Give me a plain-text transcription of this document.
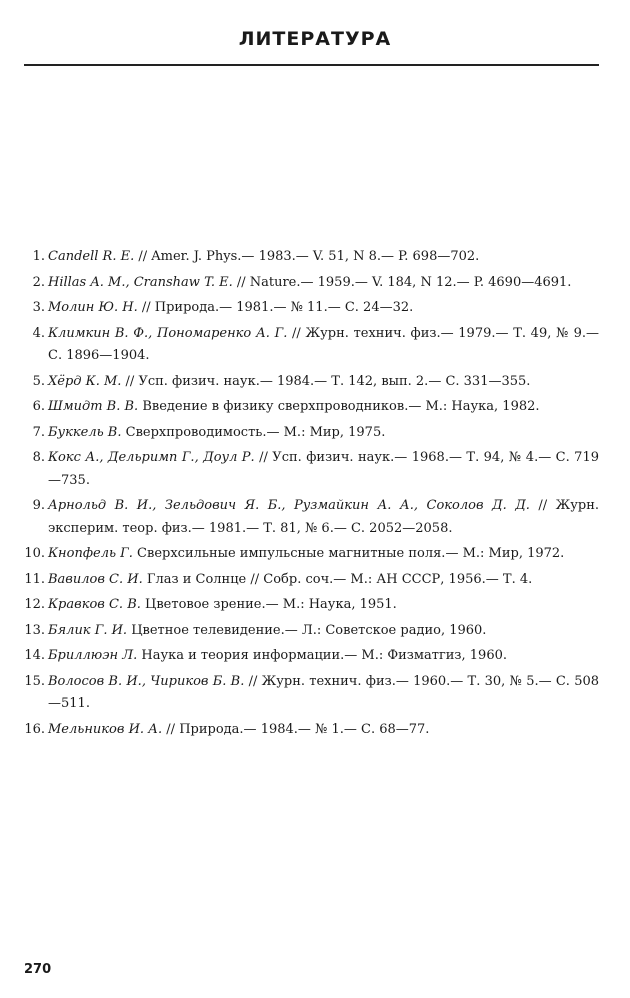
ЛИТЕРАТУРА
1. Candell R. E. // Amer. J. Phys.— 1983.— V. 51, N 8.— P. 698—702.
2. Hillas A. M., Cranshaw T. E. // Nature.— 1959.— V. 184, N 12.— P. 4690—4691.
3. Молин Ю. Н. // Природа.— 1981.— № 11.— С. 24—32.
4. Климкин В. Ф., Пономаренко А. Г. // Журн. технич. физ.— 1979.— Т. 49, № 9.— С. 1896—1904.
5. Хёрд К. М. // Усп. физич. наук.— 1984.— Т. 142, вып. 2.— С. 331—355.
6. Шмидт В. В. Введение в физику сверхпроводников.— М.: Наука, 1982.
7. Буккель В. Сверхпроводимость.— М.: Мир, 1975.
8. Кокс А., Дельримп Г., Доул Р. // Усп. физич. наук.— 1968.— Т. 94, № 4.— С. 719—735.
9. Арнольд В. И., Зельдович Я. Б., Рузмайкин А. А., Соколов Д. Д. // Журн. эксперим. теор. физ.— 1981.— Т. 81, № 6.— С. 2052—2058.
10. Кнопфель Г. Сверхсильные импульсные магнитные поля.— М.: Мир, 1972.
11. Вавилов С. И. Глаз и Солнце // Собр. соч.— М.: АН СССР, 1956.— Т. 4.
12. Кравков С. В. Цветовое зрение.— М.: Наука, 1951.
13. Бялик Г. И. Цветное телевидение.— Л.: Советское радио, 1960.
14. Бриллюэн Л. Наука и теория информации.— М.: Физматгиз, 1960.
15. Волосов В. И., Чириков Б. В. // Журн. технич. физ.— 1960.— Т. 30, № 5.— С. 508—511.
16. Мельников И. А. // Природа.— 1984.— № 1.— С. 68—77.
270
